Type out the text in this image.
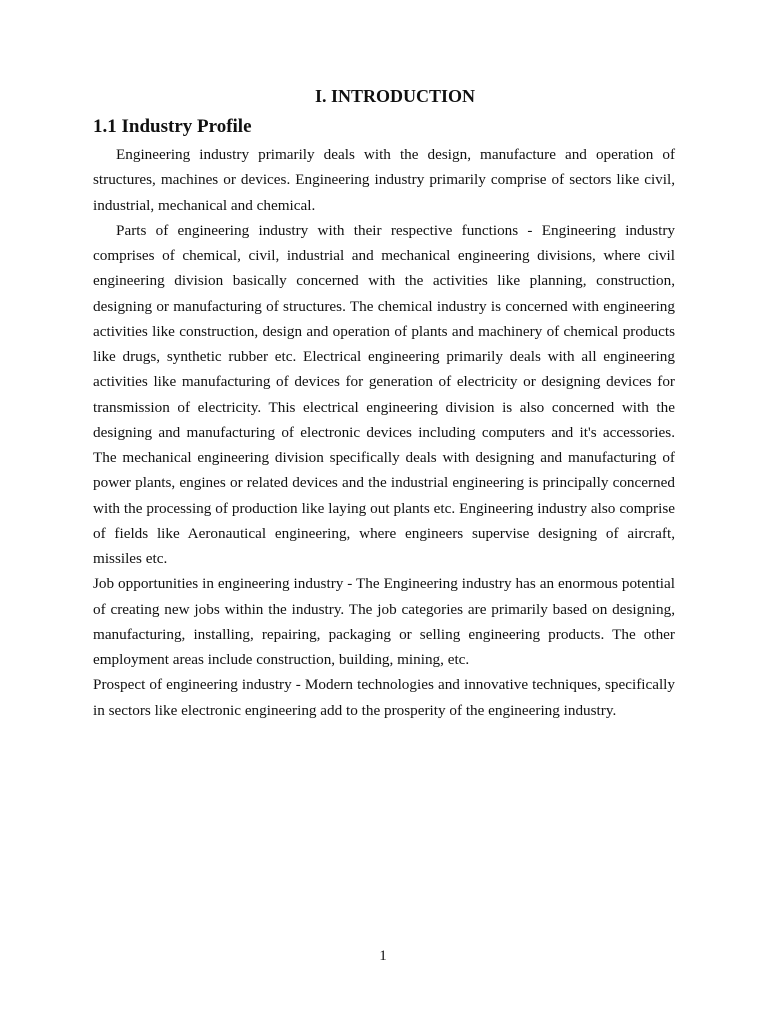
I. INTRODUCTION
1.1 Industry Profile
Engineering industry primarily deals with the design, manufacture and operation of
structures, machines or devices. Engineering industry primarily comprise of sectors like civil,
industrial, mechanical and chemical.
Parts of engineering industry with their respective functions - Engineering industry
comprises of chemical, civil, industrial and mechanical engineering divisions, where civil
engineering division basically concerned with the activities like planning, construction,
designing or manufacturing of structures. The chemical industry is concerned with engineering
activities like construction, design and operation of plants and machinery of chemical products
like drugs, synthetic rubber etc. Electrical engineering primarily deals with all engineering
activities like manufacturing of devices for generation of electricity or designing devices for
transmission of electricity. This electrical engineering division is also concerned with the
designing and manufacturing of electronic devices including computers and it's accessories.
The mechanical engineering division specifically deals with designing and manufacturing of
power plants, engines or related devices and the industrial engineering is principally concerned
with the processing of production like laying out plants etc. Engineering industry also comprise
of fields like Aeronautical engineering, where engineers supervise designing of aircraft,
missiles etc.
Job opportunities in engineering industry - The Engineering industry has an enormous potential
of creating new jobs within the industry. The job categories are primarily based on designing,
manufacturing, installing, repairing, packaging or selling engineering products. The other
employment areas include construction, building, mining, etc.
Prospect of engineering industry - Modern technologies and innovative techniques, specifically
in sectors like electronic engineering add to the prosperity of the engineering industry.
1
